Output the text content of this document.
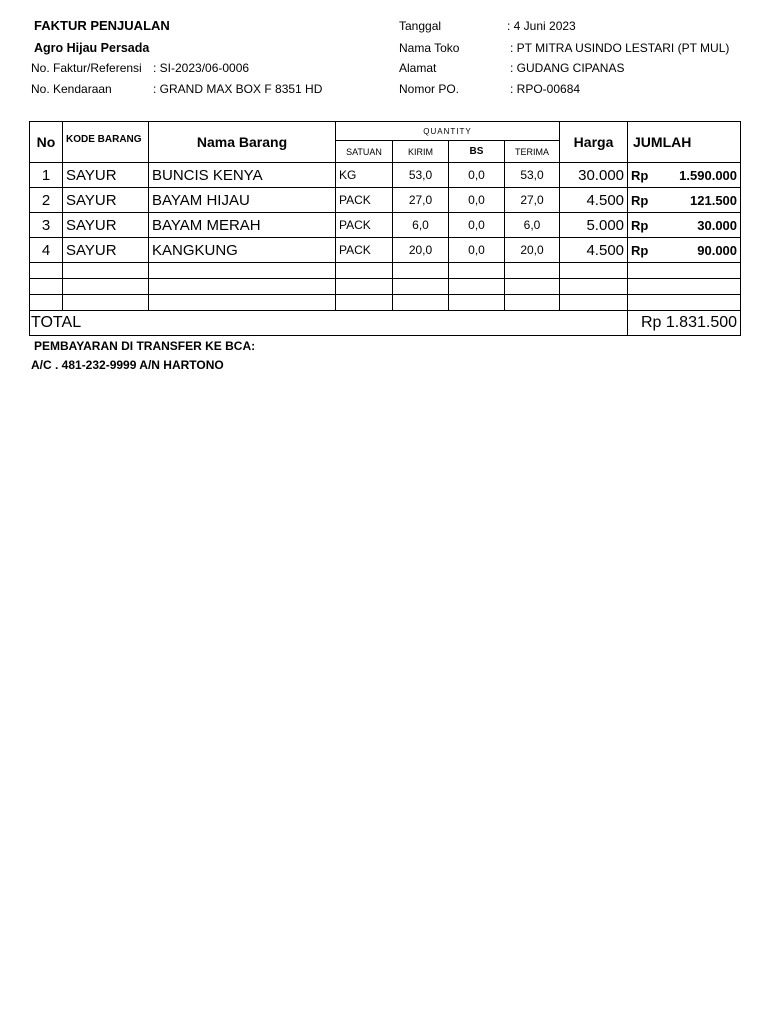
FAKTUR PENJUALAN
Agro Hijau Persada
No. Faktur/Referensi : SI-2023/06-0006
No. Kendaraan	: GRAND MAX BOX F 8351 HD
Tanggal	: 4 Juni 2023
Nama Toko	: PT MITRA USINDO LESTARI (PT MUL)
Alamat	: GUDANG CIPANAS
Nomor PO.	: RPO-00684
No	KODE BARANG	Nama Barang	QUANTITY				Harga	JUMLAH
			SATUAN	KIRIM	BS	TERIMA		
1	SAYUR	BUNCIS KENYA	KG	53,0	0,0	53,0	30.000	Rp 1.590.000

2	SAYUR	BAYAM HIJAU	PACK	27,0	0,0	27,0	4.500	Rp 121.500

3	SAYUR	BAYAM MERAH	PACK	6,0	0,0	6,0	5.000	Rp 30.000

4	SAYUR	KANGKUNG	PACK	20,0	0,0	20,0	4.500	Rp 90.000

TOTAL								Rp 1.831.500
PEMBAYARAN DI TRANSFER KE BCA:
A/C . 481-232-9999 A/N HARTONO
